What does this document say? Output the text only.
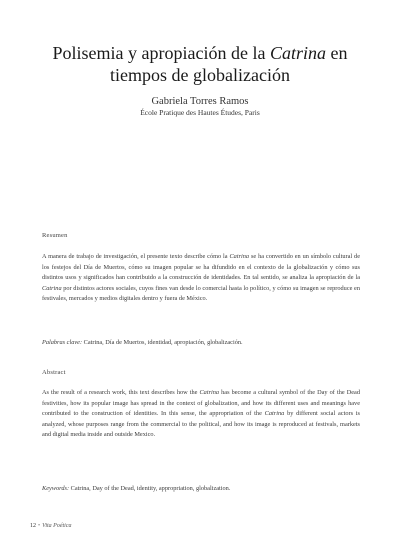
Polisemia y apropiación de la Catrina en tiempos de globalización
Gabriela Torres Ramos
École Pratique des Hautes Études, Paris
Resumen

A manera de trabajo de investigación, el presente texto describe cómo la Catrina se ha convertido en un símbolo cultural de los festejos del Día de Muertos, cómo su imagen popular se ha difundido en el contexto de la globalización y cómo sus distintos usos y significados han contribuido a la construcción de identidades. En tal sentido, se analiza la apropiación de la Catrina por distintos actores sociales, cuyos fines van desde lo comercial hasta lo político, y cómo su imagen se reproduce en festivales, mercados y medios digitales dentro y fuera de México.

Palabras clave: Catrina, Día de Muertos, identidad, apropiación, globalización.

Abstract

As the result of a research work, this text describes how the Catrina has become a cultural symbol of the Day of the Dead festivities, how its popular image has spread in the context of globalization, and how its different uses and meanings have contributed to the construction of identities. In this sense, the appropriation of the Catrina by different social actors is analyzed, whose purposes range from the commercial to the political, and how its image is reproduced at festivals, markets and digital media inside and outside Mexico.

Keywords: Catrina, Day of the Dead, identity, appropriation, globalization.

12 • Vita Poética
